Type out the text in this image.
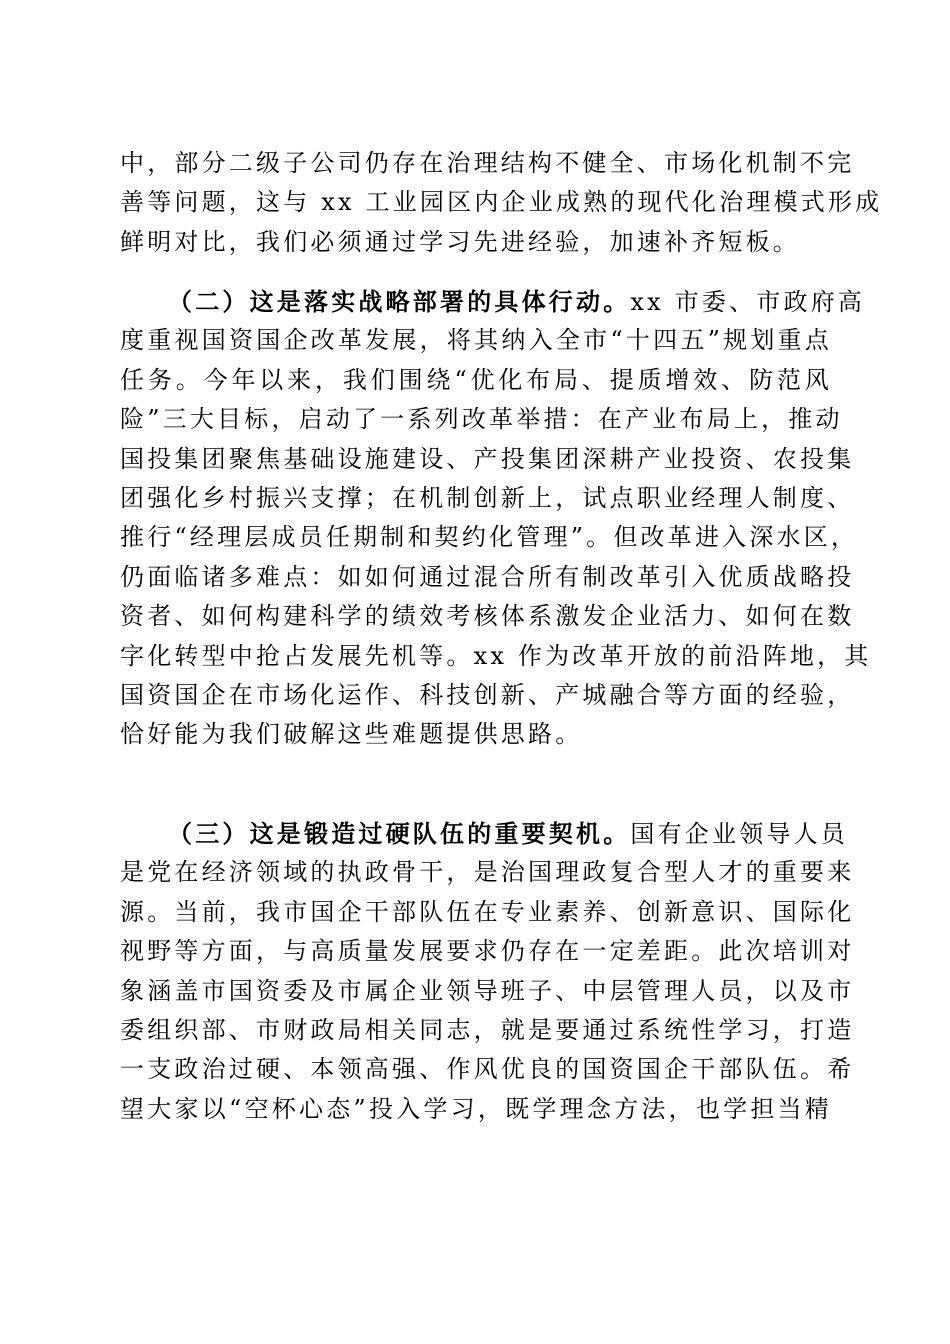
中，部分二级子公司仍存在治理结构不健全、市场化机制不完
善等问题，这与 xx 工业园区内企业成熟的现代化治理模式形成
鲜明对比，我们必须通过学习先进经验，加速补齐短板。
（二）这是落实战略部署的具体行动。xx 市委、市政府高
度重视国资国企改革发展，将其纳入全市“十四五”规划重点
任务。今年以来，我们围绕“优化布局、提质增效、防范风
险”三大目标，启动了一系列改革举措：在产业布局上，推动
国投集团聚焦基础设施建设、产投集团深耕产业投资、农投集
团强化乡村振兴支撑；在机制创新上，试点职业经理人制度、
推行“经理层成员任期制和契约化管理”。但改革进入深水区，
仍面临诸多难点：如如何通过混合所有制改革引入优质战略投
资者、如何构建科学的绩效考核体系激发企业活力、如何在数
字化转型中抢占发展先机等。xx 作为改革开放的前沿阵地，其
国资国企在市场化运作、科技创新、产城融合等方面的经验，
恰好能为我们破解这些难题提供思路。
（三）这是锻造过硬队伍的重要契机。国有企业领导人员
是党在经济领域的执政骨干，是治国理政复合型人才的重要来
源。当前，我市国企干部队伍在专业素养、创新意识、国际化
视野等方面，与高质量发展要求仍存在一定差距。此次培训对
象涵盖市国资委及市属企业领导班子、中层管理人员，以及市
委组织部、市财政局相关同志，就是要通过系统性学习，打造
一支政治过硬、本领高强、作风优良的国资国企干部队伍。希
望大家以“空杯心态”投入学习，既学理念方法，也学担当精
